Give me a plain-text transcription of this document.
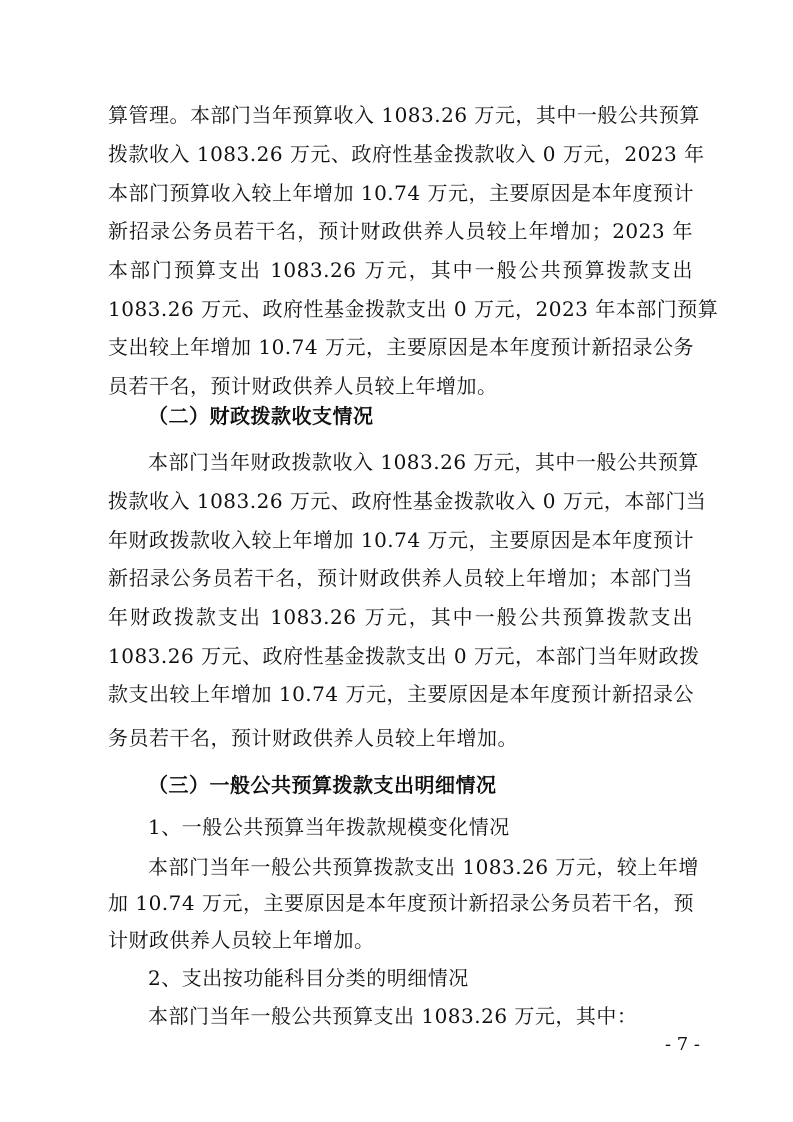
算管理。本部门当年预算收入 1083.26 万元，其中一般公共预算
拨款收入 1083.26 万元、政府性基金拨款收入 0 万元，2023 年
本部门预算收入较上年增加 10.74 万元，主要原因是本年度预计
新招录公务员若干名，预计财政供养人员较上年增加；2023 年
本部门预算支出 1083.26 万元，其中一般公共预算拨款支出
1083.26 万元、政府性基金拨款支出 0 万元，2023 年本部门预算
支出较上年增加 10.74 万元，主要原因是本年度预计新招录公务
员若干名，预计财政供养人员较上年增加。
（二）财政拨款收支情况
本部门当年财政拨款收入 1083.26 万元，其中一般公共预算
拨款收入 1083.26 万元、政府性基金拨款收入 0 万元，本部门当
年财政拨款收入较上年增加 10.74 万元，主要原因是本年度预计
新招录公务员若干名，预计财政供养人员较上年增加；本部门当
年财政拨款支出 1083.26 万元，其中一般公共预算拨款支出
1083.26 万元、政府性基金拨款支出 0 万元，本部门当年财政拨
款支出较上年增加 10.74 万元，主要原因是本年度预计新招录公
务员若干名，预计财政供养人员较上年增加。
（三）一般公共预算拨款支出明细情况
1、一般公共预算当年拨款规模变化情况
本部门当年一般公共预算拨款支出 1083.26 万元，较上年增
加 10.74 万元，主要原因是本年度预计新招录公务员若干名，预
计财政供养人员较上年增加。
2、支出按功能科目分类的明细情况
本部门当年一般公共预算支出 1083.26 万元，其中：
- 7 -
